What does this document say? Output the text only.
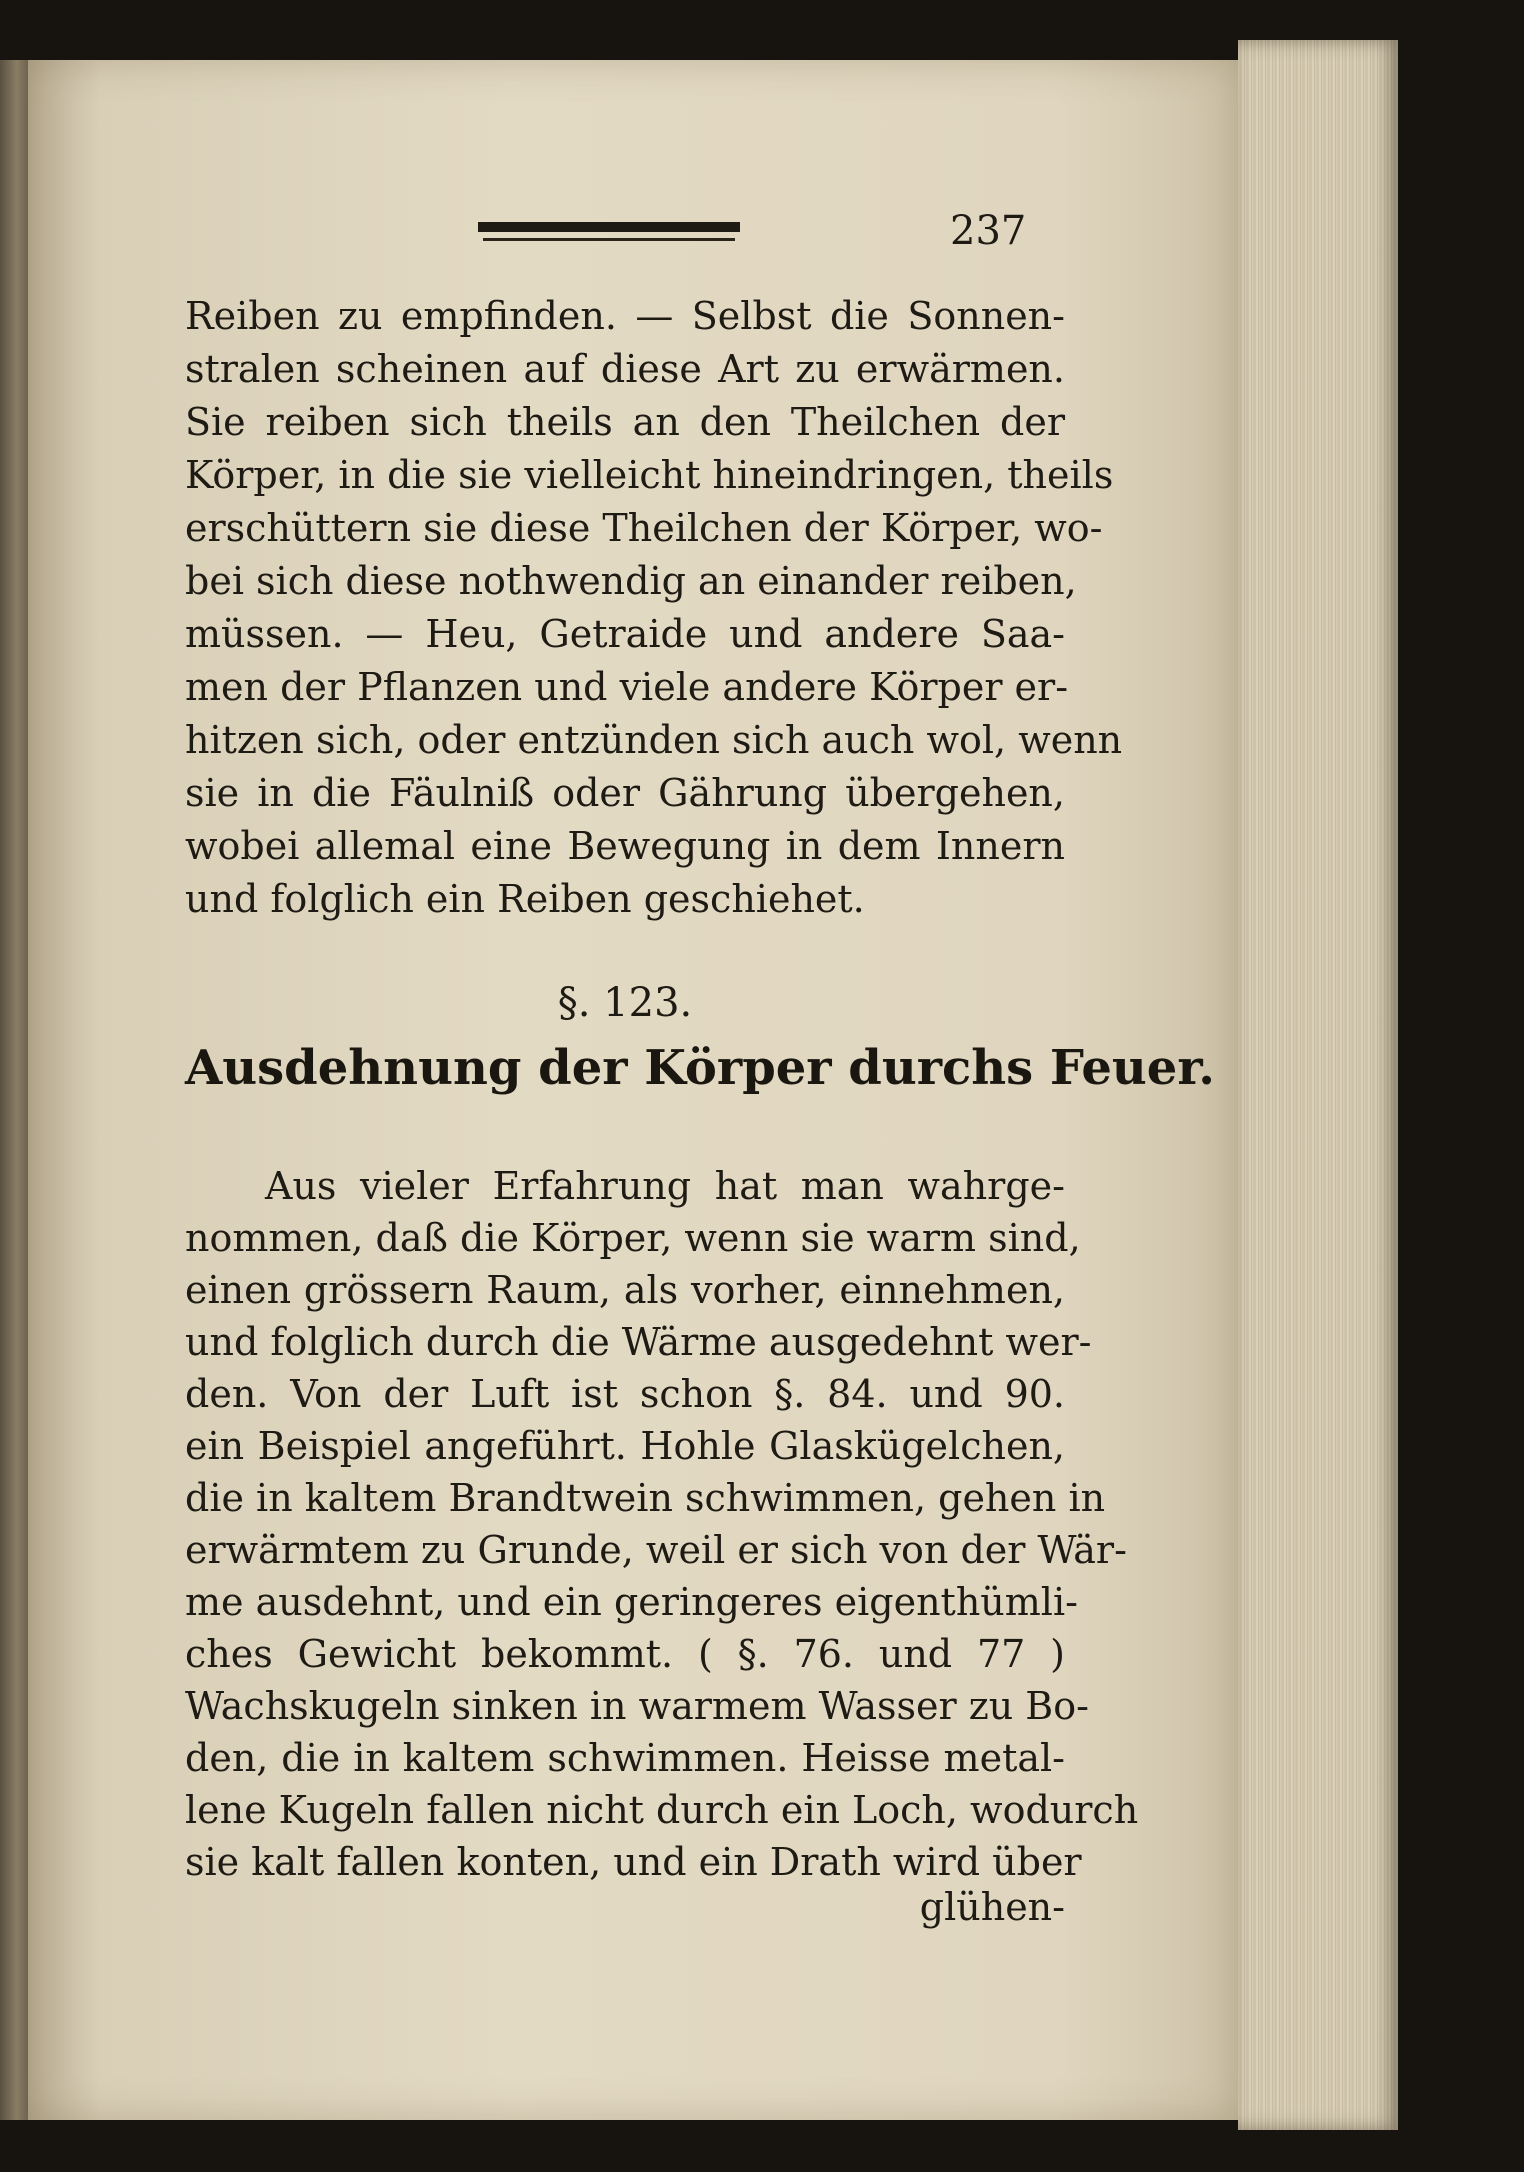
237
Reiben zu empfinden. — Selbst die Sonnen-
stralen scheinen auf diese Art zu erwärmen.
Sie reiben sich theils an den Theilchen der
Körper, in die sie vielleicht hineindringen, theils
erschüttern sie diese Theilchen der Körper, wo-
bei sich diese nothwendig an einander reiben,
müssen. — Heu, Getraide und andere Saa-
men der Pflanzen und viele andere Körper er-
hitzen sich, oder entzünden sich auch wol, wenn
sie in die Fäulniß oder Gährung übergehen,
wobei allemal eine Bewegung in dem Innern
und folglich ein Reiben geschiehet.
§. 123.
Ausdehnung der Körper durchs Feuer.
Aus vieler Erfahrung hat man wahrge-
nommen, daß die Körper, wenn sie warm sind,
einen grössern Raum, als vorher, einnehmen,
und folglich durch die Wärme ausgedehnt wer-
den. Von der Luft ist schon §. 84. und 90.
ein Beispiel angeführt. Hohle Glaskügelchen,
die in kaltem Brandtwein schwimmen, gehen in
erwärmtem zu Grunde, weil er sich von der Wär-
me ausdehnt, und ein geringeres eigenthümli-
ches Gewicht bekommt. ( §. 76. und 77 )
Wachskugeln sinken in warmem Wasser zu Bo-
den, die in kaltem schwimmen. Heisse metal-
lene Kugeln fallen nicht durch ein Loch, wodurch
sie kalt fallen konten, und ein Drath wird über
glühen-
